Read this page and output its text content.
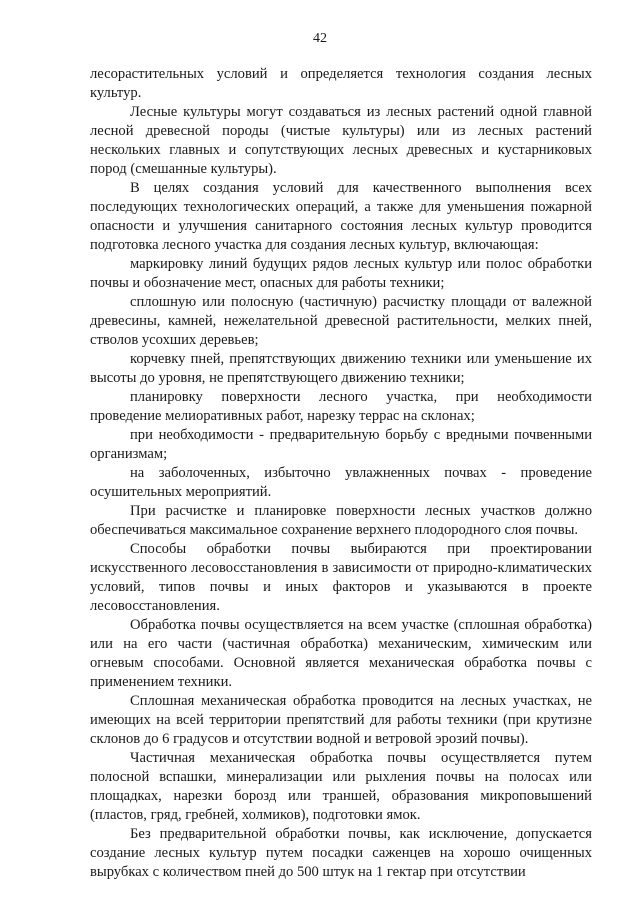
42

лесорастительных условий и определяется технология создания лесных культур.

Лесные культуры могут создаваться из лесных растений одной главной лесной древесной породы (чистые культуры) или из лесных растений нескольких главных и сопутствующих лесных древесных и кустарниковых пород (смешанные культуры).

В целях создания условий для качественного выполнения всех последующих технологических операций, а также для уменьшения пожарной опасности и улучшения санитарного состояния лесных культур проводится подготовка лесного участка для создания лесных культур, включающая:

маркировку линий будущих рядов лесных культур или полос обработки почвы и обозначение мест, опасных для работы техники;

сплошную или полосную (частичную) расчистку площади от валежной древесины, камней, нежелательной древесной растительности, мелких пней, стволов усохших деревьев;

корчевку пней, препятствующих движению техники или уменьшение их высоты до уровня, не препятствующего движению техники;

планировку поверхности лесного участка, при необходимости проведение мелиоративных работ, нарезку террас на склонах;

при необходимости - предварительную борьбу с вредными почвенными организмам;

на заболоченных, избыточно увлажненных почвах - проведение осушительных мероприятий.

При расчистке и планировке поверхности лесных участков должно обеспечиваться максимальное сохранение верхнего плодородного слоя почвы.

Способы обработки почвы выбираются при проектировании искусственного лесовосстановления в зависимости от природно-климатических условий, типов почвы и иных факторов и указываются в проекте лесовосстановления.

Обработка почвы осуществляется на всем участке (сплошная обработка) или на его части (частичная обработка) механическим, химическим или огневым способами. Основной является механическая обработка почвы с применением техники.

Сплошная механическая обработка проводится на лесных участках, не имеющих на всей территории препятствий для работы техники (при крутизне склонов до 6 градусов и отсутствии водной и ветровой эрозий почвы).

Частичная механическая обработка почвы осуществляется путем полосной вспашки, минерализации или рыхления почвы на полосах или площадках, нарезки борозд или траншей, образования микроповышений (пластов, гряд, гребней, холмиков), подготовки ямок.

Без предварительной обработки почвы, как исключение, допускается создание лесных культур путем посадки саженцев на хорошо очищенных вырубках с количеством пней до 500 штук на 1 гектар при отсутствии
